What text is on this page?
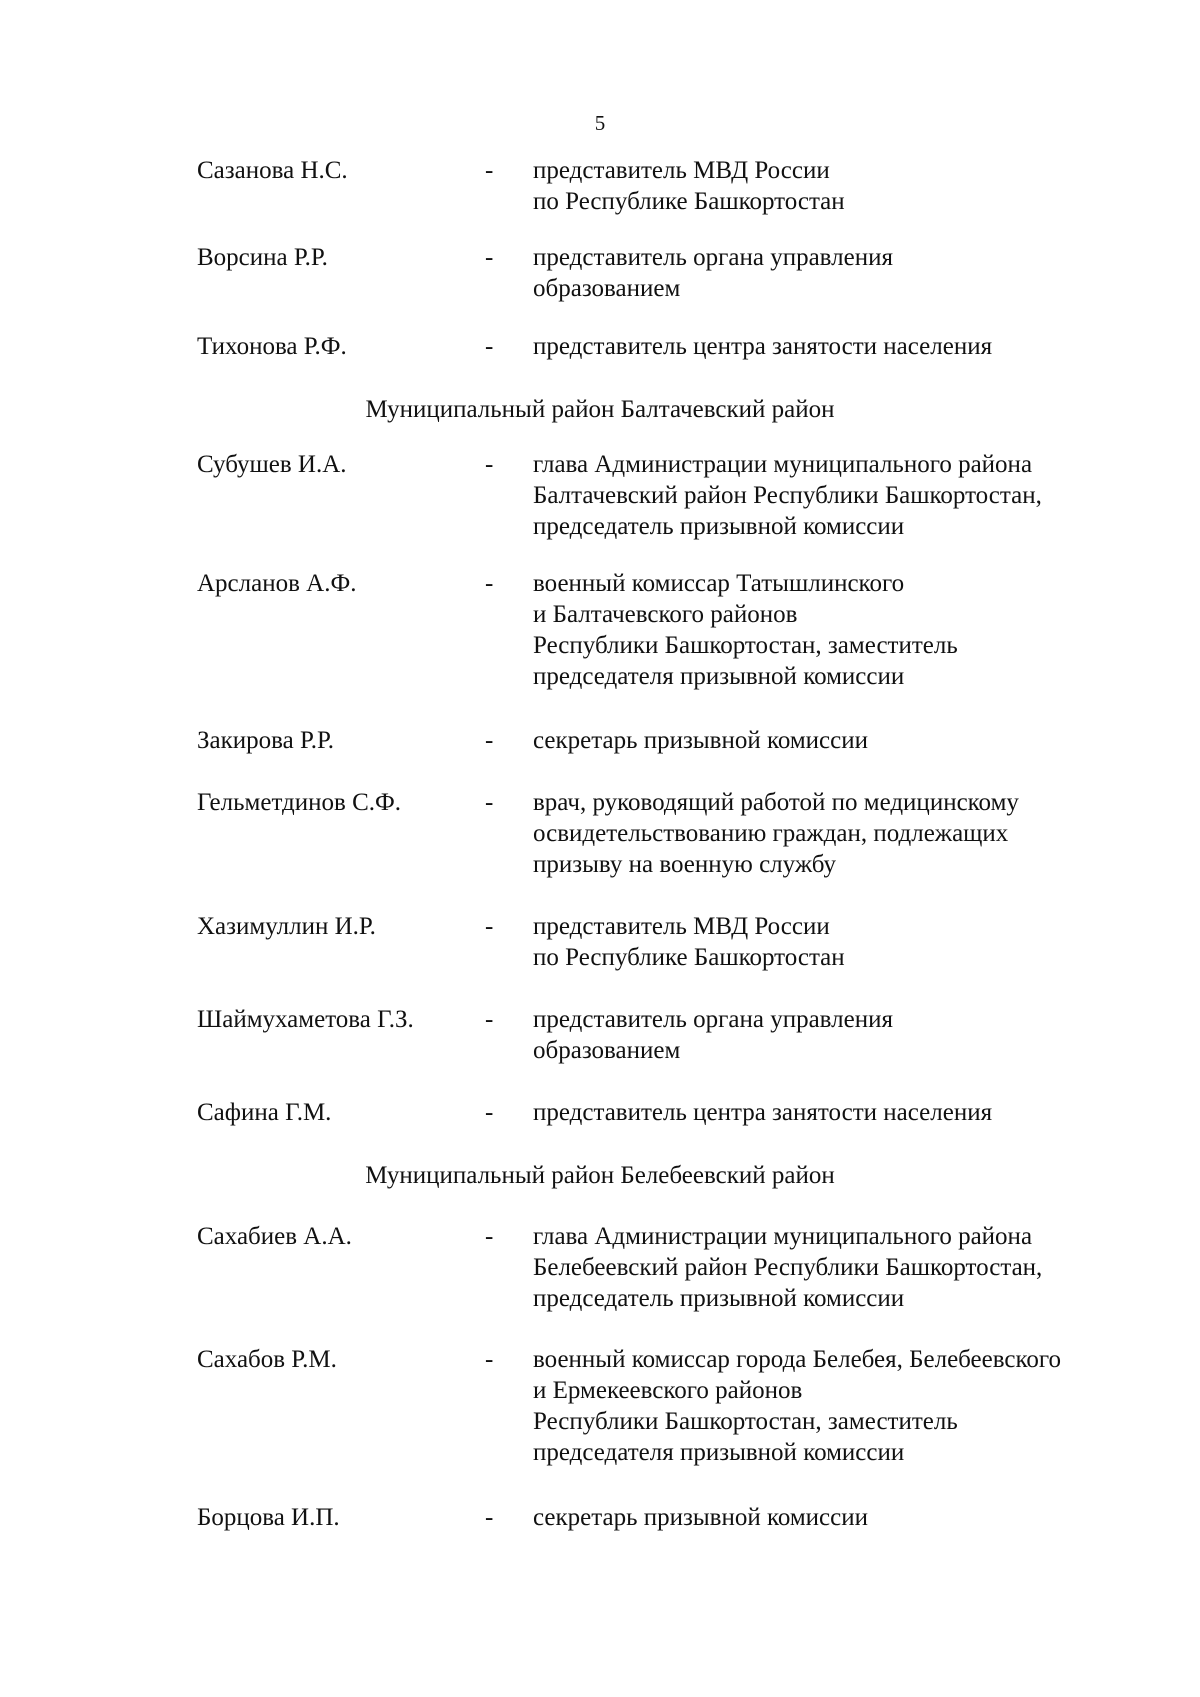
5
Сазанова Н.С.	- представитель МВД России
по Республике Башкортостан
Ворсина Р.Р.	- представитель органа управления
образованием
Тихонова Р.Ф.	- представитель центра занятости населения
Муниципальный район Балтачевский район
Субушев И.А.	- глава Администрации муниципального района
Балтачевский район Республики Башкортостан,
председатель призывной комиссии
Арсланов А.Ф.	- военный комиссар Татышлинского
и Балтачевского районов
Республики Башкортостан, заместитель
председателя призывной комиссии
Закирова Р.Р.	- секретарь призывной комиссии
Гельметдинов С.Ф.	- врач, руководящий работой по медицинскому
освидетельствованию граждан, подлежащих
призыву на военную службу
Хазимуллин И.Р.	- представитель МВД России
по Республике Башкортостан
Шаймухаметова Г.З.	- представитель органа управления
образованием
Сафина Г.М.	- представитель центра занятости населения
Муниципальный район Белебеевский район
Сахабиев А.А.	- глава Администрации муниципального района
Белебеевский район Республики Башкортостан,
председатель призывной комиссии
Сахабов Р.М.	- военный комиссар города Белебея, Белебеевского
и Ермекеевского районов
Республики Башкортостан, заместитель
председателя призывной комиссии
Борцова И.П.	- секретарь призывной комиссии
